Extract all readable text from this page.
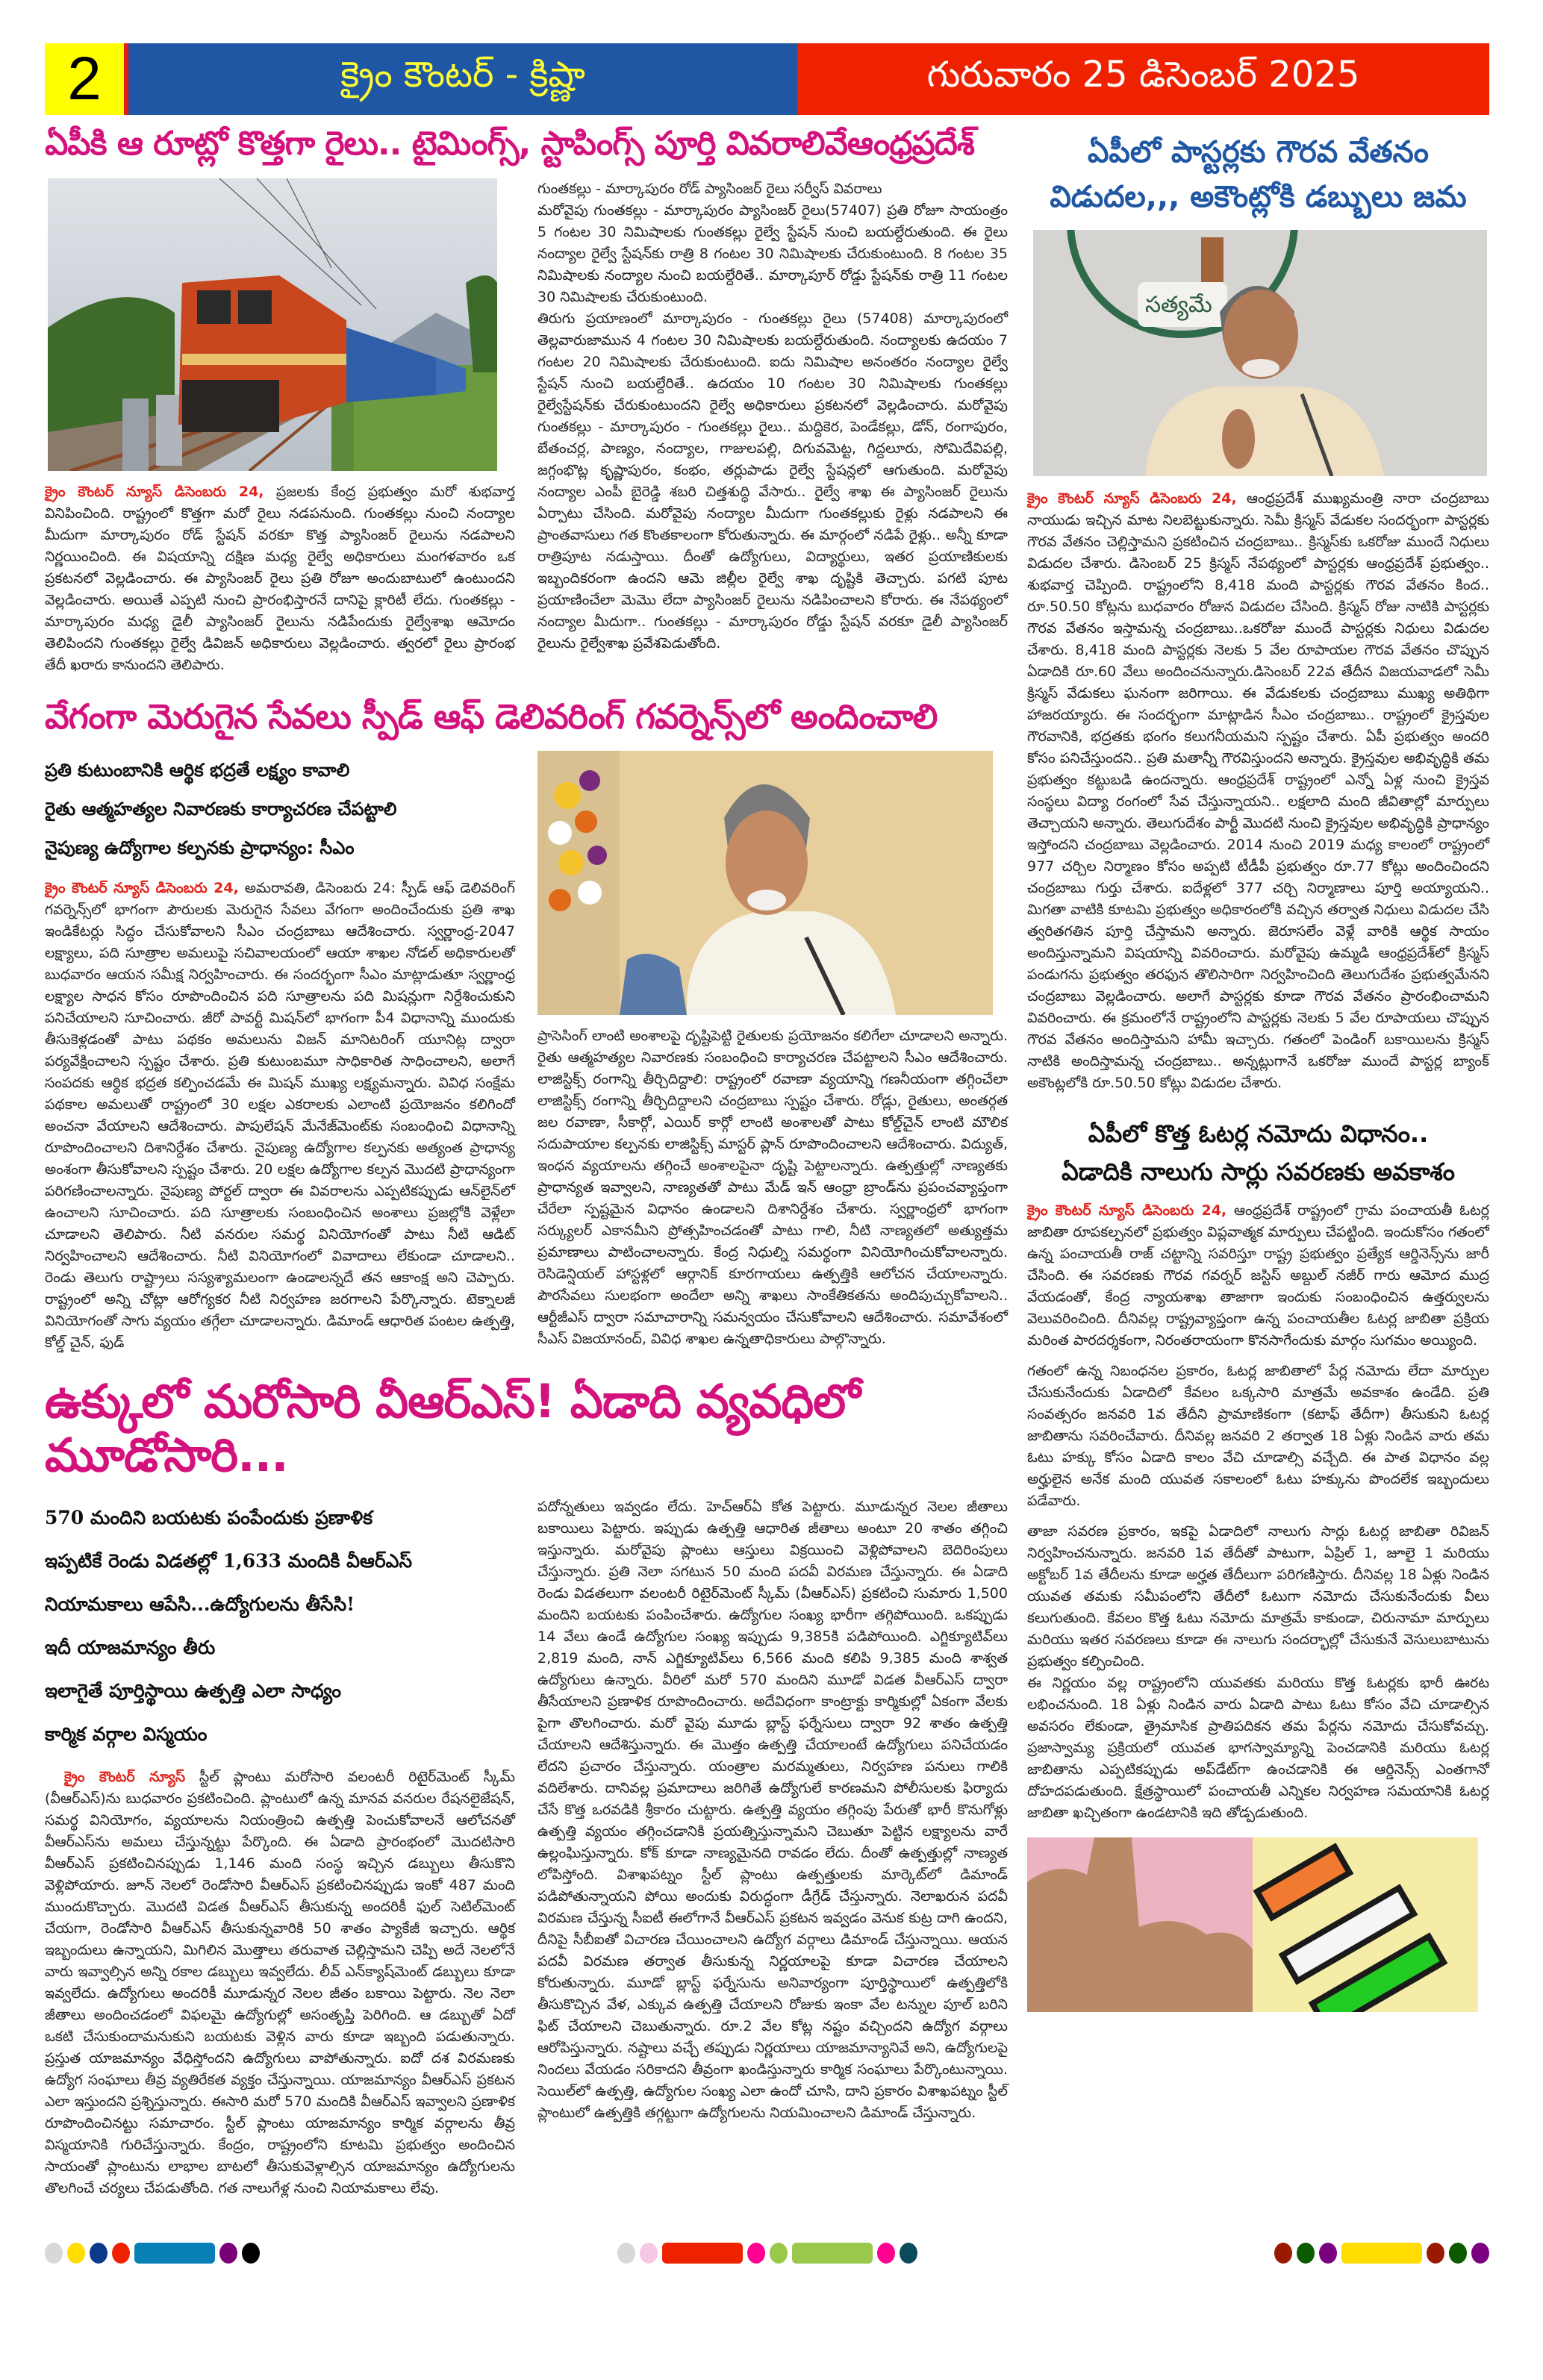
2	క్రైం కౌంటర్ - క్రిష్ణా	గురువారం 25 డిసెంబర్ 2025
ఏపీకి ఆ రూట్లో కొత్తగా రైలు.. టైమింగ్స్, స్టాపింగ్స్ పూర్తి వివరాలివేఆంధ్రప్రదేశ్
క్రైం కౌంటర్ న్యూస్ డిసెంబరు 24, ప్రజలకు కేంద్ర ప్రభుత్వం మరో శుభవార్త వినిపించింది. రాష్ట్రంలో కొత్తగా మరో రైలు నడపనుంది. గుంతకల్లు నుంచి నంద్యాల మీదుగా మార్కాపురం రోడ్ స్టేషన్ వరకూ కొత్త ప్యాసింజర్ రైలును నడపాలని నిర్ణయించింది. ఈ విషయాన్ని దక్షిణ మధ్య రైల్వే అధికారులు మంగళవారం ఒక ప్రకటనలో వెల్లడించారు. ఈ ప్యాసింజర్ రైలు ప్రతి రోజూ అందుబాటులో ఉంటుందని వెల్లడించారు. అయితే ఎప్పటి నుంచి ప్రారంభిస్తారనే దానిపై క్లారిటీ లేదు. గుంతకల్లు - మార్కాపురం మధ్య డైలీ ప్యాసింజర్ రైలును నడిపేందుకు రైల్వేశాఖ ఆమోదం తెలిపిందని గుంతకల్లు రైల్వే డివిజన్ అధికారులు వెల్లడించారు. త్వరలో రైలు ప్రారంభ తేదీ ఖరారు కానుందని తెలిపారు.

గుంతకల్లు - మార్కాపురం రోడ్ ప్యాసింజర్ రైలు సర్వీస్ వివరాలు

మరోవైపు గుంతకల్లు - మార్కాపురం ప్యాసింజర్ రైలు(57407) ప్రతి రోజూ సాయంత్రం 5 గంటల 30 నిమిషాలకు గుంతకల్లు రైల్వే స్టేషన్ నుంచి బయల్దేరుతుంది. ఈ రైలు నంద్యాల రైల్వే స్టేషన్‌కు రాత్రి 8 గంటల 30 నిమిషాలకు చేరుకుంటుంది. 8 గంటల 35 నిమిషాలకు నంద్యాల నుంచి బయల్దేరితే.. మార్కాపూర్ రోడ్డు స్టేషన్‌కు రాత్రి 11 గంటల 30 నిమిషాలకు చేరుకుంటుంది.

తిరుగు ప్రయాణంలో మార్కాపురం - గుంతకల్లు రైలు (57408) మార్కాపురంలో తెల్లవారుజామున 4 గంటల 30 నిమిషాలకు బయల్దేరుతుంది. నంద్యాలకు ఉదయం 7 గంటల 20 నిమిషాలకు చేరుకుంటుంది. ఐదు నిమిషాల అనంతరం నంద్యాల రైల్వే స్టేషన్ నుంచి బయల్దేరితే.. ఉదయం 10 గంటల 30 నిమిషాలకు గుంతకల్లు రైల్వేస్టేషన్‌కు చేరుకుంటుందని రైల్వే అధికారులు ప్రకటనలో వెల్లడించారు. మరోవైపు గుంతకల్లు - మార్కాపురం - గుంతకల్లు రైలు.. మద్దికెర, పెండేకల్లు, డోన్, రంగాపురం, బేతంచర్ల, పాణ్యం, నంద్యాల, గాజులపల్లి, దిగువమెట్ట, గిద్దలూరు, సోమిదేవిపల్లి, జగ్గంభొట్ల కృష్ణాపురం, కంభం, తర్లుపాడు రైల్వే స్టేషన్లలో ఆగుతుంది. మరోవైపు నంద్యాల ఎంపీ బైరెడ్డి శబరి చిత్తశుద్ధి వేసారు.. రైల్వే శాఖ ఈ ప్యాసింజర్ రైలును ఏర్పాటు చేసింది. మరోవైపు నంద్యాల మీదుగా గుంతకల్లుకు రైళ్లు నడపాలని ఈ ప్రాంతవాసులు గత కొంతకాలంగా కోరుతున్నారు. ఈ మార్గంలో నడిపే రైళ్లు.. అన్నీ కూడా రాత్రిపూట నడుస్తాయి. దీంతో ఉద్యోగులు, విద్యార్థులు, ఇతర ప్రయాణికులకు ఇబ్బందికరంగా ఉందని ఆమె జిల్లీల రైల్వే శాఖ దృష్టికి తెచ్చారు. పగటి పూట ప్రయాణించేలా మెమొ లేదా ప్యాసింజర్ రైలును నడిపించాలని కోరారు. ఈ నేపథ్యంలో నంద్యాల మీదుగా.. గుంతకల్లు - మార్కాపురం రోడ్డు స్టేషన్ వరకూ డైలీ ప్యాసింజర్ రైలును రైల్వేశాఖ ప్రవేశపెడుతోంది.

వేగంగా మెరుగైన సేవలు స్పీడ్ ఆఫ్ డెలివరింగ్ గవర్నెన్స్‌లో అందించాలి
ప్రతి కుటుంబానికి ఆర్థిక భద్రతే లక్ష్యం కావాలి
రైతు ఆత్మహత్యల నివారణకు కార్యాచరణ చేపట్టాలి
నైపుణ్య ఉద్యోగాల కల్పనకు ప్రాధాన్యం: సీఎం
క్రైం కౌంటర్ న్యూస్ డిసెంబరు 24, అమరావతి, డిసెంబరు 24: స్పీడ్ ఆఫ్ డెలివరింగ్ గవర్నెన్స్‌లో భాగంగా పౌరులకు మెరుగైన సేవలు వేగంగా అందించేందుకు ప్రతి శాఖ ఇండికేటర్లు సిద్ధం చేసుకోవాలని సీఎం చంద్రబాబు ఆదేశించారు. స్వర్ణాంధ్ర-2047 లక్ష్యాలు, పది సూత్రాల అమలుపై సచివాలయంలో ఆయా శాఖల నోడల్ అధికారులతో బుధవారం ఆయన సమీక్ష నిర్వహించారు. ఈ సందర్భంగా సీఎం మాట్లాడుతూ స్వర్ణాంధ్ర లక్ష్యాల సాధన కోసం రూపొందించిన పది సూత్రాలను పది మిషన్లుగా నిర్దేశించుకుని పనిచేయాలని సూచించారు. జీరో పావర్టీ మిషన్‌లో భాగంగా పీ4 విధానాన్ని ముందుకు తీసుకెళ్లడంతో పాటు పథకం అమలును విజన్ మానిటరింగ్ యూనిట్ల ద్వారా పర్యవేక్షించాలని స్పష్టం చేశారు. ప్రతి కుటుంబమూ సాధికారిత సాధించాలని, అలాగే సంపదకు ఆర్థిక భద్రత కల్పించడమే ఈ మిషన్ ముఖ్య లక్ష్యమన్నారు. వివిధ సంక్షేమ పథకాల అమలుతో రాష్ట్రంలో 30 లక్షల ఎకరాలకు ఎలాంటి ప్రయోజనం కలిగిందో అంచనా వేయాలని ఆదేశించారు. పాపులేషన్ మేనేజ్‌మెంట్‌కు సంబంధించి విధానాన్ని రూపొందించాలని దిశానిర్దేశం చేశారు. నైపుణ్య ఉద్యోగాల కల్పనకు అత్యంత ప్రాధాన్య అంశంగా తీసుకోవాలని స్పష్టం చేశారు. 20 లక్షల ఉద్యోగాల కల్పన మొదటి ప్రాధాన్యంగా పరిగణించాలన్నారు. నైపుణ్య పోర్టల్ ద్వారా ఈ వివరాలను ఎప్పటికప్పుడు ఆన్‌లైన్‌లో ఉంచాలని సూచించారు. పది సూత్రాలకు సంబంధించిన అంశాలు ప్రజల్లోకి వెళ్లేలా చూడాలని తెలిపారు. నీటి వనరుల సమర్థ వినియోగంతో పాటు నీటి ఆడిట్ నిర్వహించాలని ఆదేశించారు. నీటి వినియోగంలో వివాదాలు లేకుండా చూడాలని.. రెండు తెలుగు రాష్ట్రాలు సస్యశ్యామలంగా ఉండాలన్నదే తన ఆకాంక్ష అని చెప్పారు. రాష్ట్రంలో అన్ని చోట్లా ఆరోగ్యకర నీటి నిర్వహణ జరగాలని పేర్కొన్నారు. టెక్నాలజీ వినియోగంతో సాగు వ్యయం తగ్గేలా చూడాలన్నారు. డిమాండ్ ఆధారిత పంటల ఉత్పత్తి, కోల్డ్ చైన్, ఫుడ్
ప్రాసెసింగ్ లాంటి అంశాలపై దృష్టిపెట్టి రైతులకు ప్రయోజనం కలిగేలా చూడాలని అన్నారు. రైతు ఆత్మహత్యల నివారణకు సంబంధించి కార్యాచరణ చేపట్టాలని సీఎం ఆదేశించారు. లాజిస్టిక్స్ రంగాన్ని తీర్చిదిద్దాలి: రాష్ట్రంలో రవాణా వ్యయాన్ని గణనీయంగా తగ్గించేలా లాజిస్టిక్స్ రంగాన్ని తీర్చిదిద్దాలని చంద్రబాబు స్పష్టం చేశారు. రోడ్లు, రైతులు, అంతర్గత జల రవాణా, సీకార్గో, ఎయిర్ కార్గో లాంటి అంశాలతో పాటు కోల్డ్‌చైన్ లాంటి మౌలిక సదుపాయాల కల్పనకు లాజిస్టిక్స్ మాస్టర్ ప్లాన్ రూపొందించాలని ఆదేశించారు. విద్యుత్, ఇంధన వ్యయాలను తగ్గించే అంశాలపైనా దృష్టి పెట్టాలన్నారు. ఉత్పత్తుల్లో నాణ్యతకు ప్రాధాన్యత ఇవ్వాలని, నాణ్యతతో పాటు మేడ్ ఇన్ ఆంధ్రా బ్రాండ్‌ను ప్రపంచవ్యాప్తంగా చేరేలా స్పష్టమైన విధానం ఉండాలని దిశానిర్దేశం చేశారు. స్వర్ణాంధ్రలో భాగంగా సర్క్యులర్ ఎకానమీని ప్రోత్సహించడంతో పాటు గాలి, నీటి నాణ్యతలో అత్యుత్తమ ప్రమాణాలు పాటించాలన్నారు. కేంద్ర నిధుల్ని సమర్థంగా వినియోగించుకోవాలన్నారు. రెసిడెన్షియల్ హాస్టళ్లలో ఆర్గానిక్ కూరగాయలు ఉత్పత్తికి ఆలోచన చేయాలన్నారు. పౌరసేవలు సులభంగా అందేలా అన్ని శాఖలు సాంకేతికతను అందిపుచ్చుకోవాలని.. ఆర్టీజీఎస్ ద్వారా సమాచారాన్ని సమన్వయం చేసుకోవాలని ఆదేశించారు. సమావేశంలో సీఎస్ విజయానంద్, వివిధ శాఖల ఉన్నతాధికారులు పాల్గొన్నారు.
ఉక్కులో మరోసారి వీఆర్ఎస్! ఏడాది వ్యవధిలో మూడోసారి...
570 మందిని బయటకు పంపేందుకు ప్రణాళిక
ఇప్పటికే రెండు విడతల్లో 1,633 మందికి వీఆర్ఎస్
నియామకాలు ఆపేసి...ఉద్యోగులను తీసేసి!
ఇదీ యాజమాన్యం తీరు
ఇలాగైతే పూర్తిస్థాయి ఉత్పత్తి ఎలా సాధ్యం
కార్మిక వర్గాల విస్మయం
క్రైం కౌంటర్ న్యూస్ స్టీల్ ప్లాంటు మరోసారి వలంటరీ రిటైర్‌మెంట్ స్కీమ్ (వీఆర్ఎస్)ను బుధవారం ప్రకటించింది. ప్లాంటులో ఉన్న మానవ వనరుల రేషనలైజేషన్, సమర్థ వినియోగం, వ్యయాలను నియంత్రించి ఉత్పత్తి పెంచుకోవాలనే ఆలోచనతో వీఆర్ఎస్‌ను అమలు చేస్తున్నట్టు పేర్కొంది. ఈ ఏడాది ప్రారంభంలో మొదటిసారి వీఆర్ఎస్ ప్రకటించినప్పుడు 1,146 మంది సంస్థ ఇచ్చిన డబ్బులు తీసుకొని వెళ్లిపోయారు. జూన్ నెలలో రెండోసారి వీఆర్ఎస్ ప్రకటించినప్పుడు ఇంకో 487 మంది ముందుకొచ్చారు. మొదటి విడత వీఆర్ఎస్ తీసుకున్న అందరికీ ఫుల్ సెటిల్‌మెంట్ చేయగా, రెండోసారి వీఆర్ఎస్ తీసుకున్నవారికి 50 శాతం ప్యాకేజీ ఇచ్చారు. ఆర్థిక ఇబ్బందులు ఉన్నాయని, మిగిలిన మొత్తాలు తరువాత చెల్లిస్తామని చెప్పి అదే నెలలోనే వారు ఇవ్వాల్సిన అన్ని రకాల డబ్బులు ఇవ్వలేదు. లీవ్ ఎన్‌క్యాష్‌మెంట్ డబ్బులు కూడా ఇవ్వలేదు. ఉద్యోగులు అందరికీ మూడున్నర నెలల జీతం బకాయి పెట్టారు. నెల నెలా జీతాలు అందించడంలో విఫలమై ఉద్యోగుల్లో అసంతృప్తి పెరిగింది. ఆ డబ్బుతో ఏదో ఒకటి చేసుకుందామనుకుని బయటకు వెళ్లిన వారు కూడా ఇబ్బంది పడుతున్నారు. ప్రస్తుత యాజమాన్యం వేధిస్తోందని ఉద్యోగులు వాపోతున్నారు. ఐదో దశ విరమణకు ఉద్యోగ సంఘాలు తీవ్ర వ్యతిరేకత వ్యక్తం చేస్తున్నాయి. యాజమాన్యం వీఆర్ఎస్ ప్రకటన ఎలా ఇస్తుందని ప్రశ్నిస్తున్నారు. ఈసారి మరో 570 మందికి వీఆర్ఎస్ ఇవ్వాలని ప్రణాళిక రూపొందించినట్టు సమాచారం. స్టీల్ ప్లాంటు యాజమాన్యం కార్మిక వర్గాలను తీవ్ర విస్మయానికి గురిచేస్తున్నారు. కేంద్రం, రాష్ట్రంలోని కూటమి ప్రభుత్వం అందించిన సాయంతో ప్లాంటును లాభాల బాటలో తీసుకువెళ్లాల్సిన యాజమాన్యం ఉద్యోగులను తొలగించే చర్యలు చేపడుతోంది. గత నాలుగేళ్ల నుంచి నియామకాలు లేవు.
పదోన్నతులు ఇవ్వడం లేదు. హెచ్ఆర్ఏ కోత పెట్టారు. మూడున్నర నెలల జీతాలు బకాయిలు పెట్టారు. ఇప్పుడు ఉత్పత్తి ఆధారిత జీతాలు అంటూ 20 శాతం తగ్గించి ఇస్తున్నారు. మరోవైపు ప్లాంటు ఆస్తులు విక్రయించి వెళ్లిపోవాలని బెదిరింపులు చేస్తున్నారు. ప్రతి నెలా సగటున 50 మంది పదవీ విరమణ చేస్తున్నారు. ఈ ఏడాది రెండు విడతలుగా వలంటరీ రిటైర్‌మెంట్ స్కీమ్ (వీఆర్ఎస్) ప్రకటించి సుమారు 1,500 మందిని బయటకు పంపించేశారు. ఉద్యోగుల సంఖ్య భారీగా తగ్గిపోయింది. ఒకప్పుడు 14 వేలు ఉండే ఉద్యోగుల సంఖ్య ఇప్పుడు 9,385కి పడిపోయింది. ఎగ్జిక్యూటివ్‌లు 2,819 మంది, నాన్ ఎగ్జిక్యూటివ్‌లు 6,566 మంది కలిపి 9,385 మంది శాశ్వత ఉద్యోగులు ఉన్నారు. వీరిలో మరో 570 మందిని మూడో విడత వీఆర్ఎస్ ద్వారా తీసేయాలని ప్రణాళిక రూపొందించారు. అదేవిధంగా కాంట్రాక్టు కార్మికుల్లో ఏకంగా వేలకు పైగా తొలగించారు. మరో వైపు మూడు బ్లాస్ట్ ఫర్నేసులు ద్వారా 92 శాతం ఉత్పత్తి చేయాలని ఆదేశిస్తున్నారు. ఈ మొత్తం ఉత్పత్తి చేయాలంటే ఉద్యోగులు పనిచేయడం లేదని ప్రచారం చేస్తున్నారు. యంత్రాల మరమ్మతులు, నిర్వహణ పనులు గాలికి వదిలేశారు. దానివల్ల ప్రమాదాలు జరిగితే ఉద్యోగులే కారణమని పోలీసులకు ఫిర్యాదు చేసే కొత్త ఒరవడికి శ్రీకారం చుట్టారు. ఉత్పత్తి వ్యయం తగ్గింపు పేరుతో భారీ కొనుగోళ్లు ఉత్పత్తి వ్యయం తగ్గించడానికి ప్రయత్నిస్తున్నామని చెబుతూ పెట్టిన లక్ష్యాలను వారే ఉల్లంఘిస్తున్నారు. కోక్ కూడా నాణ్యమైనది రావడం లేదు. దీంతో ఉత్పత్తుల్లో నాణ్యత లోపిస్తోంది. విశాఖపట్నం స్టీల్ ప్లాంటు ఉత్పత్తులకు మార్కెట్‌లో డిమాండ్ పడిపోతున్నాయని పోయి అందుకు విరుద్ధంగా డీగ్రేడ్ చేస్తున్నారు. నెలాఖరున పదవీ విరమణ చేస్తున్న సీఐటీ ఈలోగానే వీఆర్ఎస్ ప్రకటన ఇవ్వడం వెనుక కుట్ర దాగి ఉందని, దీనిపై సీబీఐతో విచారణ చేయించాలని ఉద్యోగ వర్గాలు డిమాండ్ చేస్తున్నాయి. ఆయన పదవీ విరమణ తర్వాత తీసుకున్న నిర్ణయాలపై కూడా విచారణ చేయాలని కోరుతున్నారు. మూడో బ్లాస్ట్ ఫర్నేసును అనివార్యంగా పూర్తిస్థాయిలో ఉత్పత్తిలోకి తీసుకొచ్చిన వేళ, ఎక్కువ ఉత్పత్తి చేయాలని రోజుకు ఇంకా వేల టన్నుల పూల్ బరిని ఫిట్ చేయాలని చెబుతున్నారు. రూ.2 వేల కోట్ల నష్టం వచ్చిందని ఉద్యోగ వర్గాలు ఆరోపిస్తున్నారు. నష్టాలు వచ్చే తప్పుడు నిర్ణయాలు యాజమాన్యానివే అని, ఉద్యోగులపై నిందలు వేయడం సరికాదని తీవ్రంగా ఖండిస్తున్నారు కార్మిక సంఘాలు పేర్కొంటున్నాయి. సెయిల్‌లో ఉత్పత్తి, ఉద్యోగుల సంఖ్య ఎలా ఉందో చూసి, దాని ప్రకారం విశాఖపట్నం స్టీల్ ప్లాంటులో ఉత్పత్తికి తగ్గట్టుగా ఉద్యోగులను నియమించాలని డిమాండ్ చేస్తున్నారు.
ఏపీలో పాస్టర్లకు గౌరవ వేతనం
విడుదల,,, అకౌంట్లోకి డబ్బులు జమ
సత్యమే
క్రైం కౌంటర్ న్యూస్ డిసెంబరు 24, ఆంధ్రప్రదేశ్ ముఖ్యమంత్రి నారా చంద్రబాబు నాయుడు ఇచ్చిన మాట నిలబెట్టుకున్నారు. సెమీ క్రిస్మస్ వేడుకల సందర్భంగా పాస్టర్లకు గౌరవ వేతనం చెల్లిస్తామని ప్రకటించిన చంద్రబాబు.. క్రిస్మస్‌కు ఒకరోజు ముందే నిధులు విడుదల చేశారు. డిసెంబర్ 25 క్రిస్మస్ నేపథ్యంలో పాస్టర్లకు ఆంధ్రప్రదేశ్ ప్రభుత్వం.. శుభవార్త చెప్పింది. రాష్ట్రంలోని 8,418 మంది పాస్టర్లకు గౌరవ వేతనం కింద.. రూ.50.50 కోట్లను బుధవారం రోజున విడుదల చేసింది. క్రిస్మస్ రోజు నాటికి పాస్టర్లకు గౌరవ వేతనం ఇస్తామన్న చంద్రబాబు..ఒకరోజు ముందే పాస్టర్లకు నిధులు విడుదల చేశారు. 8,418 మంది పాస్టర్లకు నెలకు 5 వేల రూపాయల గౌరవ వేతనం చొప్పున ఏడాదికి రూ.60 వేలు అందించనున్నారు.డిసెంబర్ 22వ తేదీన విజయవాడలో సెమీ క్రిస్మస్ వేడుకలు ఘనంగా జరిగాయి. ఈ వేడుకలకు చంద్రబాబు ముఖ్య అతిథిగా హాజరయ్యారు. ఈ సందర్భంగా మాట్లాడిన సీఎం చంద్రబాబు.. రాష్ట్రంలో క్రైస్తవుల గౌరవానికి, భద్రతకు భంగం కలుగనీయమని స్పష్టం చేశారు. ఏపీ ప్రభుత్వం అందరి కోసం పనిచేస్తుందని.. ప్రతి మతాన్నీ గౌరవిస్తుందని అన్నారు. క్రైస్తవుల అభివృద్ధికి తమ ప్రభుత్వం కట్టుబడి ఉందన్నారు. ఆంధ్రప్రదేశ్ రాష్ట్రంలో ఎన్నో ఏళ్ల నుంచి క్రైస్తవ సంస్థలు విద్యా రంగంలో సేవ చేస్తున్నాయని.. లక్షలాది మంది జీవితాల్లో మార్పులు తెచ్చాయని అన్నారు. తెలుగుదేశం పార్టీ మొదటి నుంచి క్రైస్తవుల అభివృద్ధికి ప్రాధాన్యం ఇస్తోందని చంద్రబాబు వెల్లడించారు. 2014 నుంచి 2019 మధ్య కాలంలో రాష్ట్రంలో 977 చర్చిల నిర్మాణం కోసం అప్పటి టీడీపీ ప్రభుత్వం రూ.77 కోట్లు అందించిందని చంద్రబాబు గుర్తు చేశారు. ఐదేళ్లలో 377 చర్చి నిర్మాణాలు పూర్తి అయ్యాయని.. మిగతా వాటికి కూటమి ప్రభుత్వం అధికారంలోకి వచ్చిన తర్వాత నిధులు విడుదల చేసి త్వరితగతిన పూర్తి చేస్తామని అన్నారు. జెరూసలేం వెళ్లే వారికి ఆర్థిక సాయం అందిస్తున్నామని విషయాన్ని వివరించారు. మరోవైపు ఉమ్మడి ఆంధ్రప్రదేశ్‌లో క్రిస్మస్ పండుగను ప్రభుత్వం తరఫున తొలిసారిగా నిర్వహించింది తెలుగుదేశం ప్రభుత్వమేనని చంద్రబాబు వెల్లడించారు. అలాగే పాస్టర్లకు కూడా గౌరవ వేతనం ప్రారంభించామని వివరించారు. ఈ క్రమంలోనే రాష్ట్రంలోని పాస్టర్లకు నెలకు 5 వేల రూపాయలు చొప్పున గౌరవ వేతనం అందిస్తామని హామీ ఇచ్చారు. గతంలో పెండింగ్ బకాయిలను క్రిస్మస్ నాటికి అందిస్తామన్న చంద్రబాబు.. అన్నట్లుగానే ఒకరోజు ముందే పాస్టర్ల బ్యాంక్ అకౌంట్లలోకి రూ.50.50 కోట్లు విడుదల చేశారు.
ఏపీలో కొత్త ఓటర్ల నమోదు విధానం..
ఏడాదికి నాలుగు సార్లు సవరణకు అవకాశం

క్రైం కౌంటర్ న్యూస్ డిసెంబరు 24, ఆంధ్రప్రదేశ్ రాష్ట్రంలో గ్రామ పంచాయతీ ఓటర్ల జాబితా రూపకల్పనలో ప్రభుత్వం విప్లవాత్మక మార్పులు చేపట్టింది. ఇందుకోసం గతంలో ఉన్న పంచాయతీ రాజ్ చట్టాన్ని సవరిస్తూ రాష్ట్ర ప్రభుత్వం ప్రత్యేక ఆర్డినెన్స్‌ను జారీ చేసింది. ఈ సవరణకు గౌరవ గవర్నర్ జస్టిస్ అబ్దుల్ నజీర్ గారు ఆమోద ముద్ర వేయడంతో, కేంద్ర న్యాయశాఖ తాజాగా ఇందుకు సంబంధించిన ఉత్తర్వులను వెలువరించింది. దీనివల్ల రాష్ట్రవ్యాప్తంగా ఉన్న పంచాయతీల ఓటర్ల జాబితా ప్రక్రియ మరింత పారదర్శకంగా, నిరంతరాయంగా కొనసాగేందుకు మార్గం సుగమం అయ్యింది.

గతంలో ఉన్న నిబంధనల ప్రకారం, ఓటర్ల జాబితాలో పేర్ల నమోదు లేదా మార్పుల చేసుకునేందుకు ఏడాదిలో కేవలం ఒక్కసారి మాత్రమే అవకాశం ఉండేది. ప్రతి సంవత్సరం జనవరి 1వ తేదీని ప్రామాణికంగా (కటాఫ్ తేదీగా) తీసుకుని ఓటర్ల జాబితాను సవరించేవారు. దీనివల్ల జనవరి 2 తర్వాత 18 ఏళ్లు నిండిన వారు తమ ఓటు హక్కు కోసం ఏడాది కాలం వేచి చూడాల్సి వచ్చేది. ఈ పాత విధానం వల్ల అర్హులైన అనేక మంది యువత సకాలంలో ఓటు హక్కును పొందలేక ఇబ్బందులు పడేవారు.

తాజా సవరణ ప్రకారం, ఇకపై ఏడాదిలో నాలుగు సార్లు ఓటర్ల జాబితా రివిజన్ నిర్వహించనున్నారు. జనవరి 1వ తేదీతో పాటుగా, ఏప్రిల్ 1, జూలై 1 మరియు అక్టోబర్ 1వ తేదీలను కూడా అర్హత తేదీలుగా పరిగణిస్తారు. దీనివల్ల 18 ఏళ్లు నిండిన యువత తమకు సమీపంలోని తేదీలో ఓటుగా నమోదు చేసుకునేందుకు వీలు కలుగుతుంది. కేవలం కొత్త ఓటు నమోదు మాత్రమే కాకుండా, చిరునామా మార్పులు మరియు ఇతర సవరణలు కూడా ఈ నాలుగు సందర్భాల్లో చేసుకునే వెసులుబాటును ప్రభుత్వం కల్పించింది.

ఈ నిర్ణయం వల్ల రాష్ట్రంలోని యువతకు మరియు కొత్త ఓటర్లకు భారీ ఊరట లభించనుంది. 18 ఏళ్లు నిండిన వారు ఏడాది పాటు ఓటు కోసం వేచి చూడాల్సిన అవసరం లేకుండా, త్రైమాసిక ప్రాతిపదికన తమ పేర్లను నమోదు చేసుకోవచ్చు. ప్రజాస్వామ్య ప్రక్రియలో యువత భాగస్వామ్యాన్ని పెంచడానికి మరియు ఓటర్ల జాబితాను ఎప్పటికప్పుడు అప్‌డేట్‌గా ఉంచడానికి ఈ ఆర్డినెన్స్ ఎంతగానో దోహదపడుతుంది. క్షేత్రస్థాయిలో పంచాయతీ ఎన్నికల నిర్వహణ సమయానికి ఓటర్ల జాబితా ఖచ్చితంగా ఉండటానికి ఇది తోడ్పడుతుంది.
